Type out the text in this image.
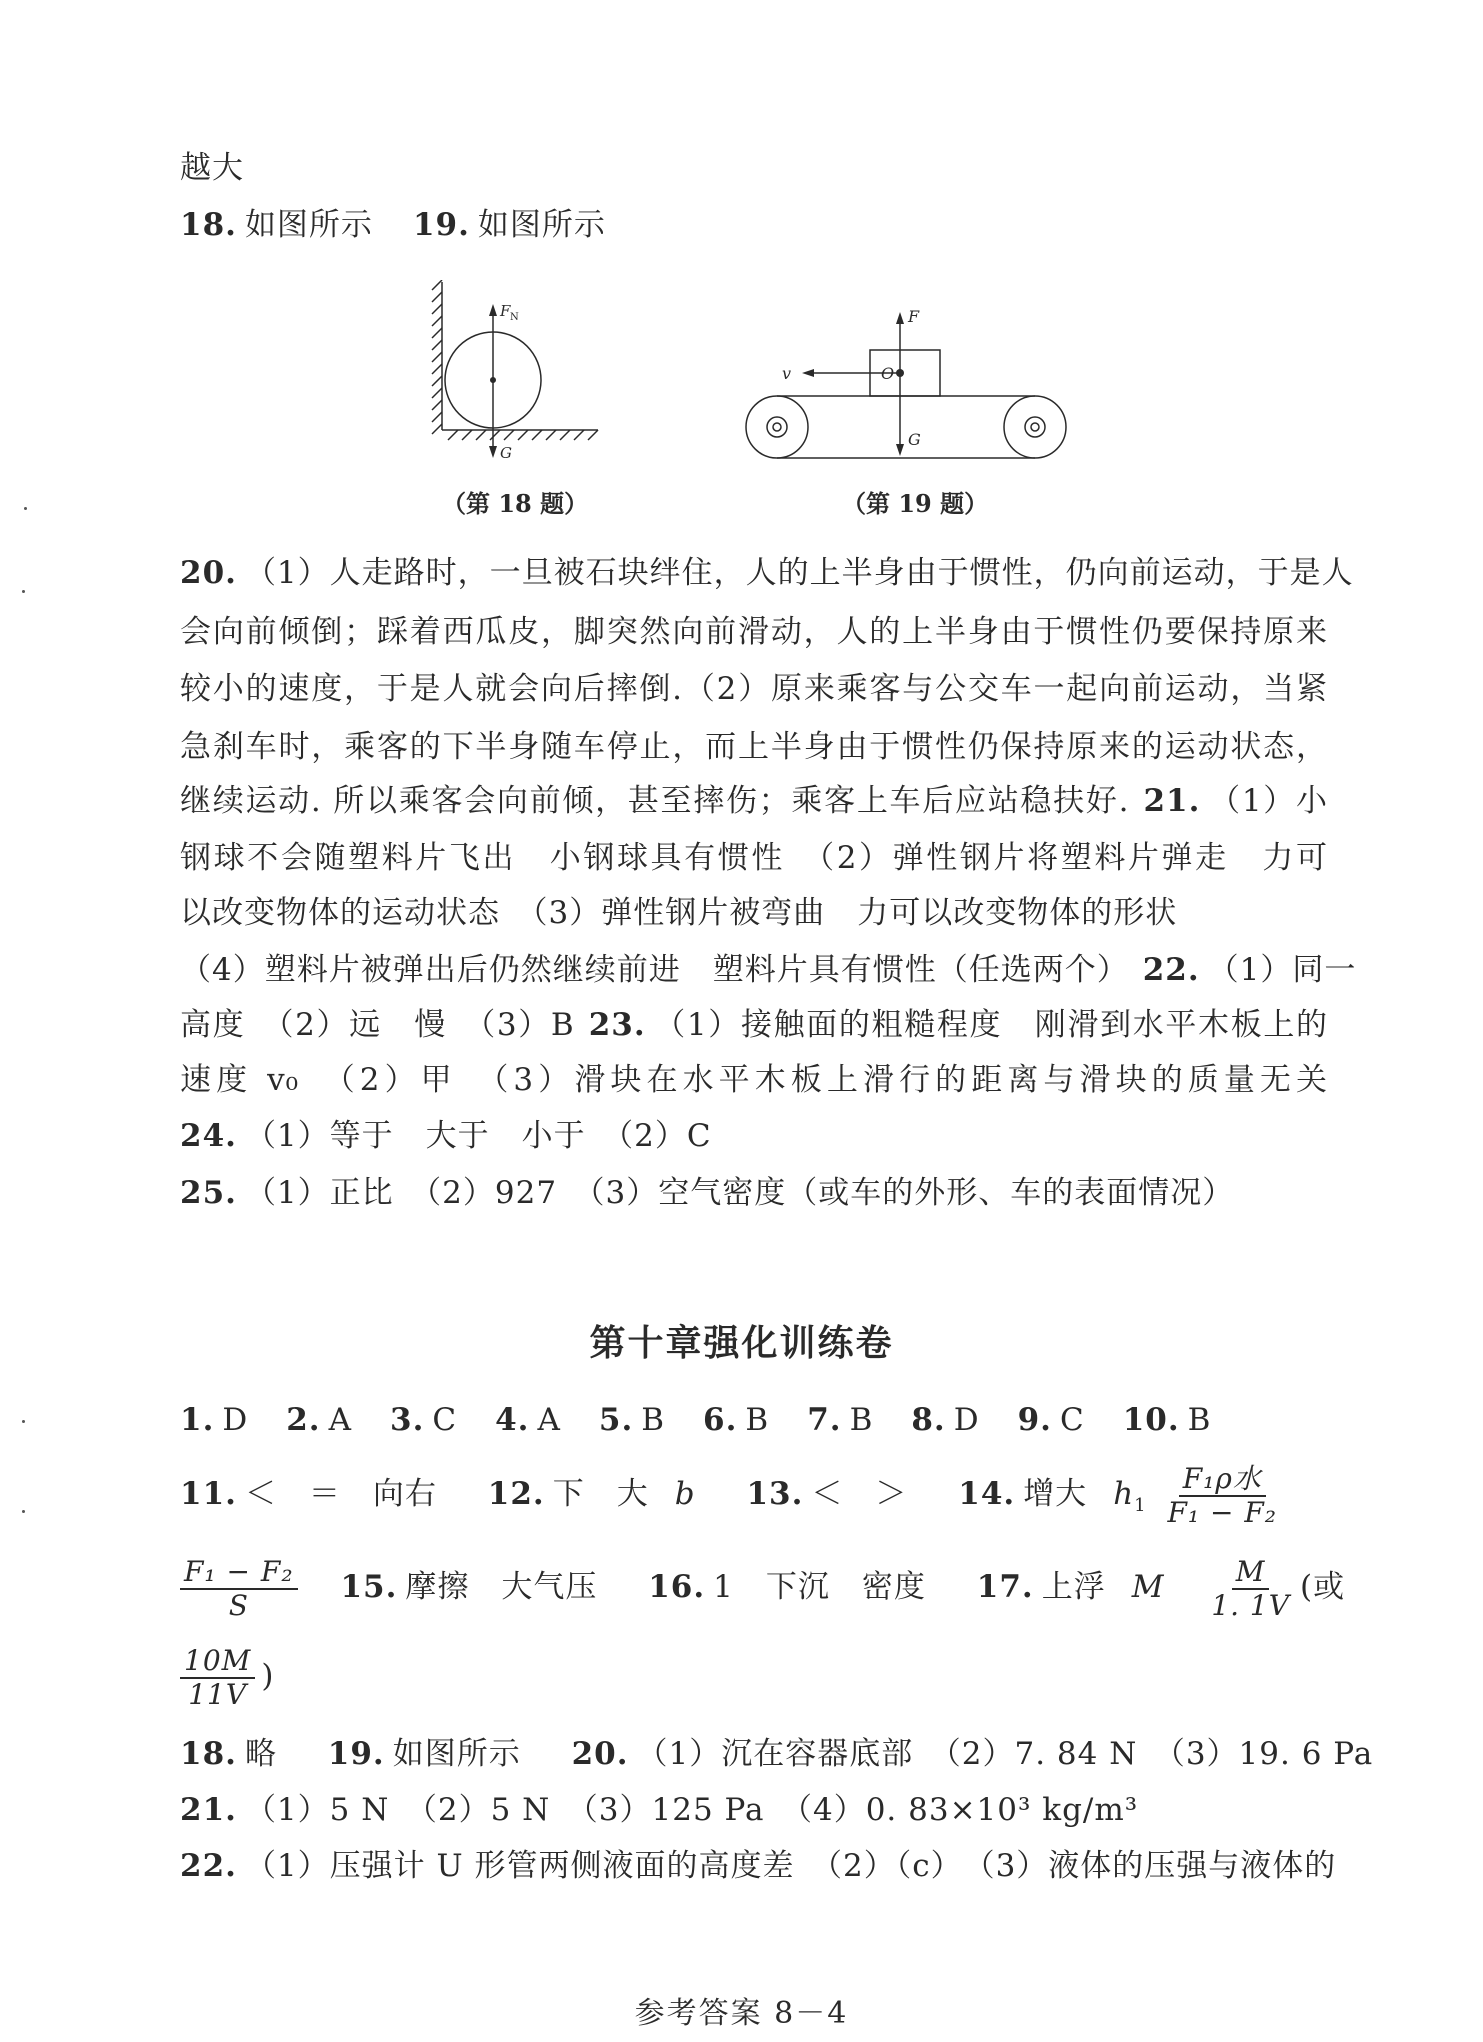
越大
18. 如图所示 19. 如图所示
F N
G
（第 18 题）
F
G
v	O
（第 19 题）
20. （1）人走路时，一旦被石块绊住，人的上半身由于惯性，仍向前运动，于是人
会向前倾倒；踩着西瓜皮，脚突然向前滑动，人的上半身由于惯性仍要保持原来
较小的速度，于是人就会向后摔倒.（2）原来乘客与公交车一起向前运动，当紧
急刹车时，乘客的下半身随车停止，而上半身由于惯性仍保持原来的运动状态，
继续运动. 所以乘客会向前倾，甚至摔伤；乘客上车后应站稳扶好. 21. （1）小
钢球不会随塑料片飞出　小钢球具有惯性　（2）弹性钢片将塑料片弹走　力可
以改变物体的运动状态　（3）弹性钢片被弯曲　力可以改变物体的形状
（4）塑料片被弹出后仍然继续前进　塑料片具有惯性（任选两个） 22. （1）同一
高度　（2）远　慢　（3）B 23. （1）接触面的粗糙程度　刚滑到水平木板上的
速度 v₀　（2）甲　（3）滑块在水平木板上滑行的距离与滑块的质量无关
24. （1）等于　大于　小于　（2）C
25. （1）正比　（2）927　（3）空气密度（或车的外形、车的表面情况）
第十章强化训练卷
1. D 2. A 3. C 4. A 5. B 6. B 7. B 8. D 9. C 10. B
11. ＜　＝　向右 12. 下　大 b 13. ＜　＞ 14. 增大 $h_1 \frac{\text{F₁ρ水}}{\text{F₁ − F₂}}$
$\frac{\text{F₁ − F₂}}{S} 15$. 摩擦　大气压 16. 1　下沉　密度 17. 上浮 M $\frac{M}{1. 1V}$ (或
$\frac{10M}{11V}$ )
18. 略 19. 如图所示 20. （1）沉在容器底部　（2）7. 84 N　（3）19. 6 Pa
21. （1）5 N　（2）5 N　（3）125 Pa　（4）0. 83×10³ kg/m³
22. （1）压强计 U 形管两侧液面的高度差　（2）（c）　（3）液体的压强与液体的
参考答案 8－4
